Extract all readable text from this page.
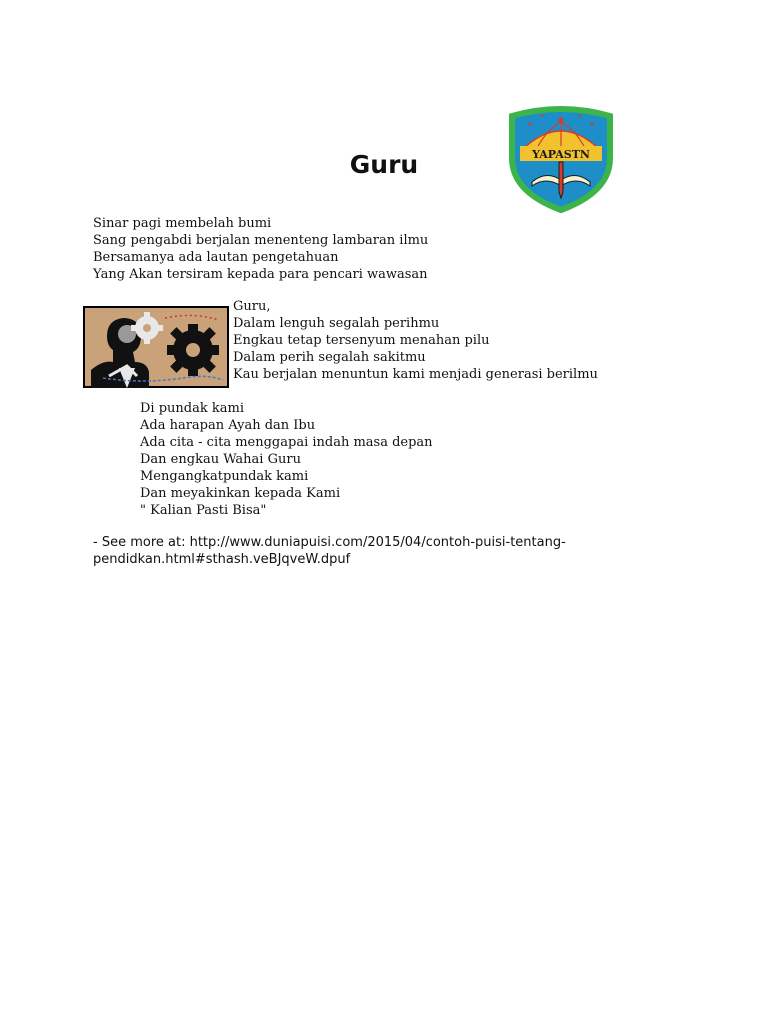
Guru	YAPASTN
Sinar pagi membelah bumi
Sang pengabdi berjalan menenteng lambaran ilmu
Bersamanya ada lautan pengetahuan
Yang Akan tersiram kepada para pencari wawasan
Guru,
Dalam lenguh segalah perihmu
Engkau tetap tersenyum menahan pilu
Dalam perih segalah sakitmu
Kau berjalan menuntun kami menjadi generasi berilmu
Di pundak kami
Ada harapan Ayah dan Ibu
Ada cita - cita menggapai indah masa depan
Dan engkau Wahai Guru
Mengangkatpundak kami
Dan meyakinkan kepada Kami
" Kalian Pasti Bisa"
- See more at: http://www.duniapuisi.com/2015/04/contoh-puisi-tentang-
pendidkan.html#sthash.veBJqveW.dpuf
